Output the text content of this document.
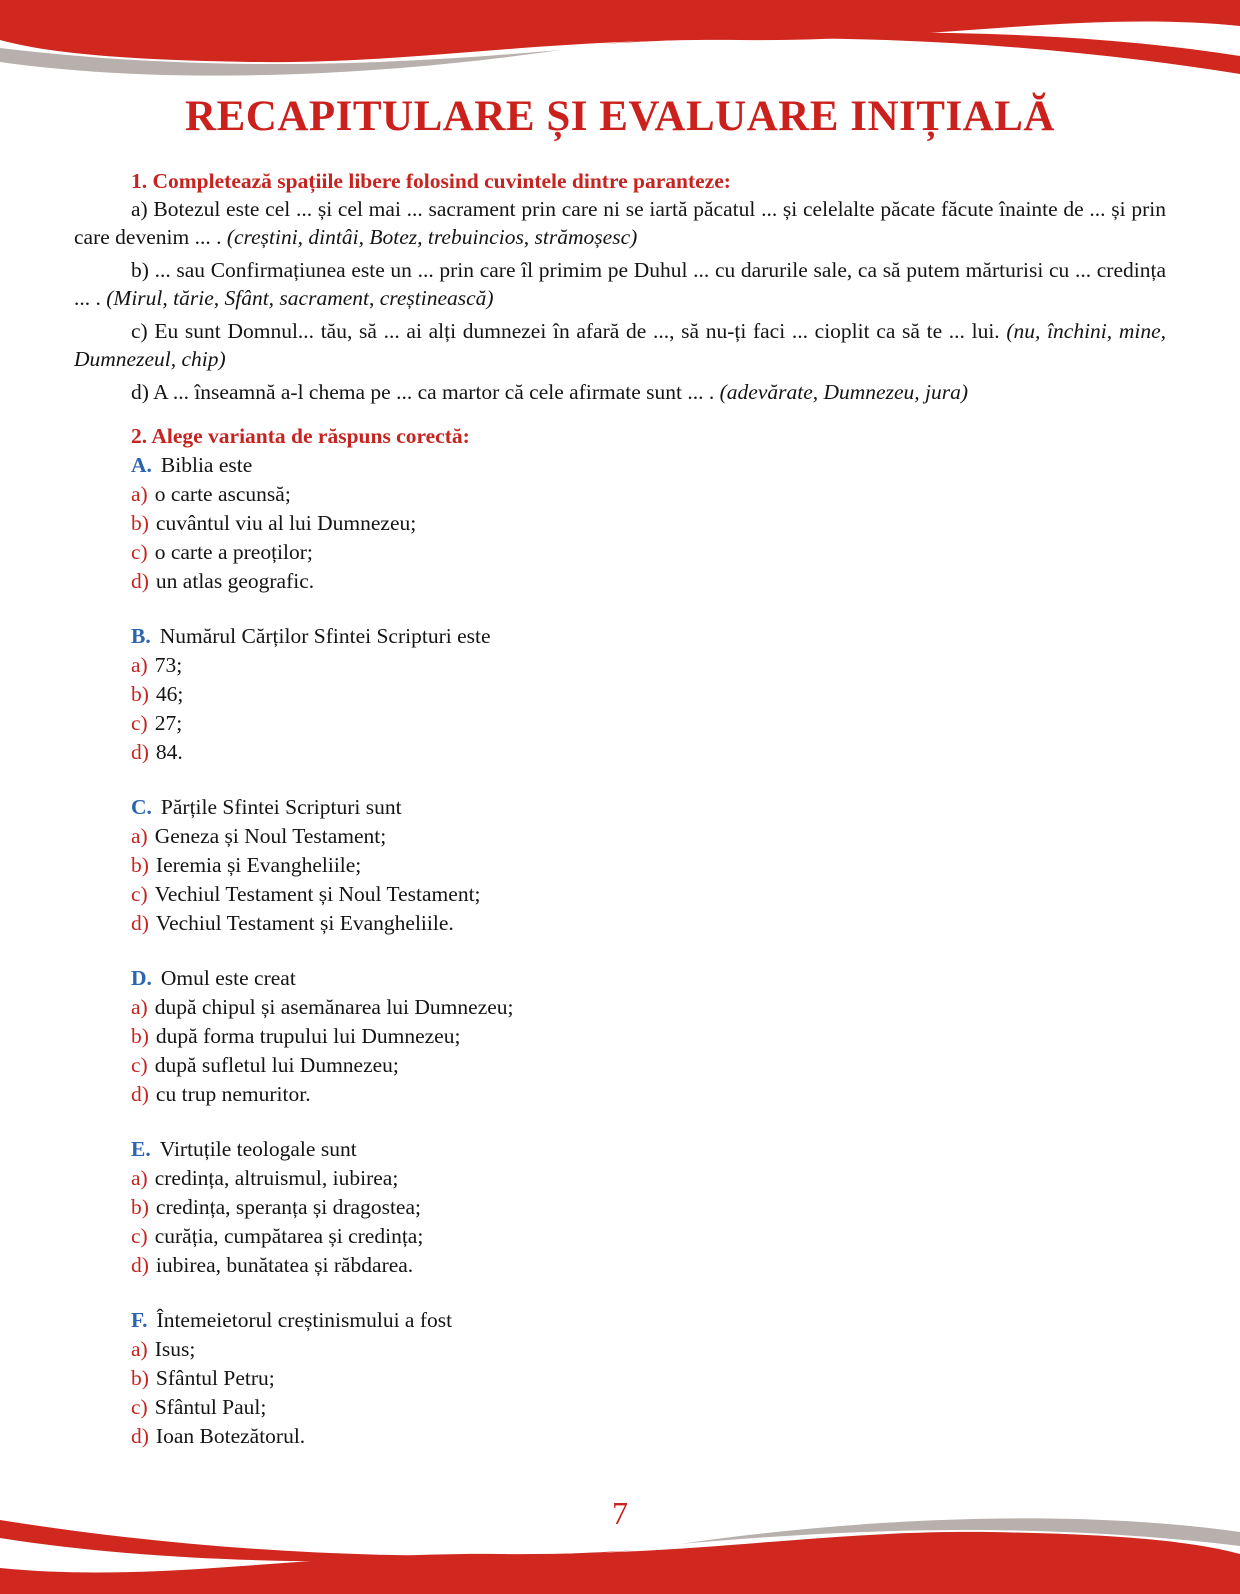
RECAPITULARE ȘI EVALUARE INIȚIALĂ

1. Completează spațiile libere folosind cuvintele dintre paranteze:

a) Botezul este cel ... și cel mai ... sacrament prin care ni se iartă păcatul ... și celelalte păcate făcute înainte de ... și prin care devenim ... . (creștini, dintâi, Botez, trebuincios, strămoșesc)

b) ... sau Confirmațiunea este un ... prin care îl primim pe Duhul ... cu darurile sale, ca să putem mărturisi cu ... credința ... . (Mirul, tărie, Sfânt, sacrament, creștinească)

c) Eu sunt Domnul... tău, să ... ai alți dumnezei în afară de ..., să nu-ți faci ... cioplit ca să te ... lui. (nu, închini, mine, Dumnezeul, chip)

d) A ... înseamnă a-l chema pe ... ca martor că cele afirmate sunt ... . (adevărate, Dumnezeu, jura)

2. Alege varianta de răspuns corectă:

A. Biblia este

a) o carte ascunsă;

b) cuvântul viu al lui Dumnezeu;

c) o carte a preoților;

d) un atlas geografic.

B. Numărul Cărților Sfintei Scripturi este

a) 73;

b) 46;

c) 27;

d) 84.

C. Părțile Sfintei Scripturi sunt

a) Geneza și Noul Testament;

b) Ieremia și Evangheliile;

c) Vechiul Testament și Noul Testament;

d) Vechiul Testament și Evangheliile.

D. Omul este creat

a) după chipul și asemănarea lui Dumnezeu;

b) după forma trupului lui Dumnezeu;

c) după sufletul lui Dumnezeu;

d) cu trup nemuritor.

E. Virtuțile teologale sunt

a) credința, altruismul, iubirea;

b) credința, speranța și dragostea;

c) curăția, cumpătarea și credința;

d) iubirea, bunătatea și răbdarea.

F. Întemeietorul creștinismului a fost

a) Isus;

b) Sfântul Petru;

c) Sfântul Paul;

d) Ioan Botezătorul.

7
